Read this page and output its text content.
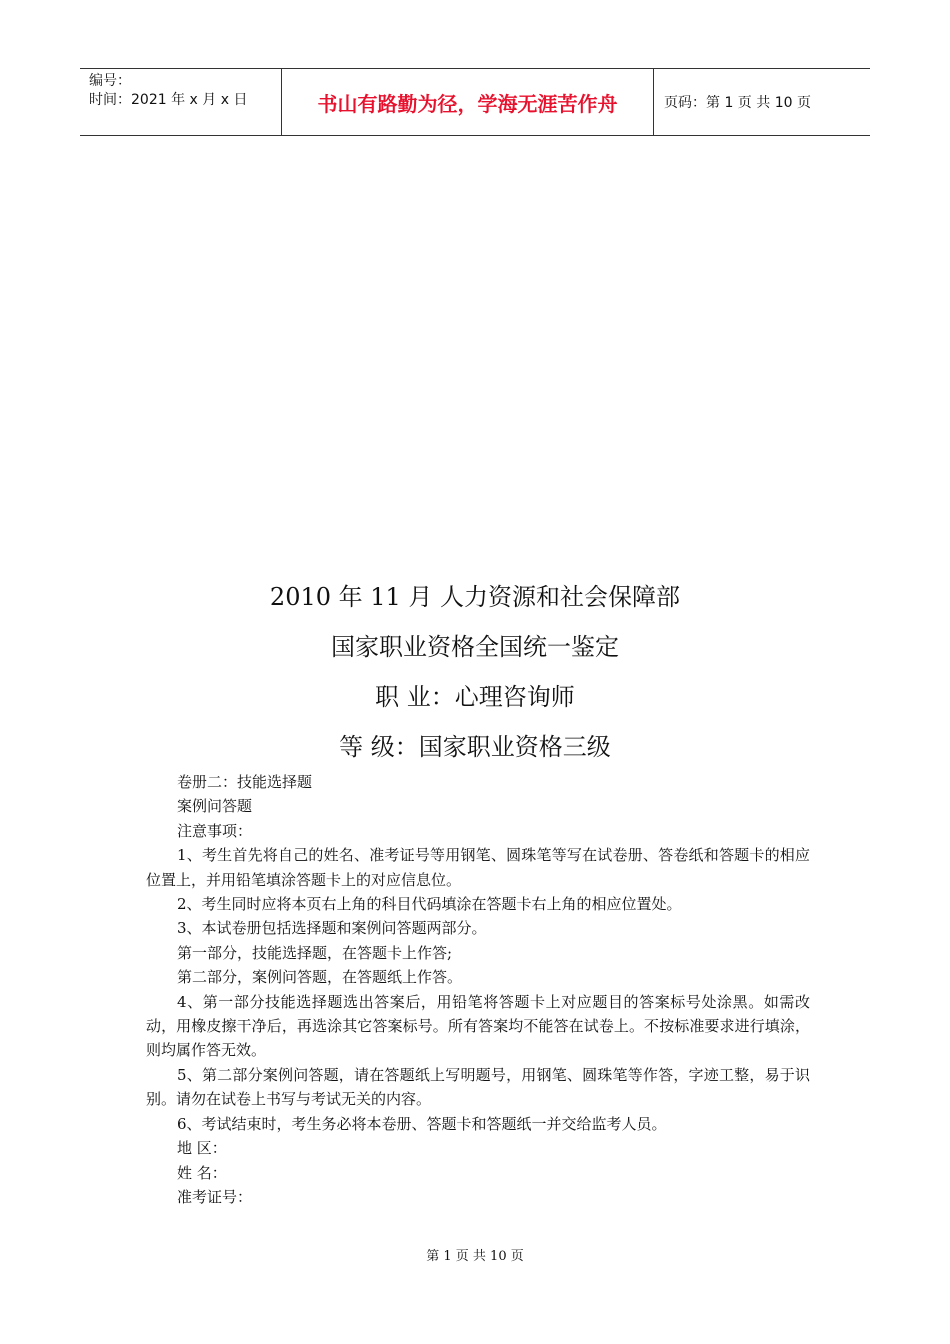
编号：
时间：2021 年 x 月 x 日	书山有路勤为径，学海无涯苦作舟	页码：第 1 页 共 10 页
2010 年 11 月 人力资源和社会保障部
国家职业资格全国统一鉴定
职 业：心理咨询师
等 级：国家职业资格三级

卷册二：技能选择题

案例问答题

注意事项：

1、考生首先将自己的姓名、准考证号等用钢笔、圆珠笔等写在试卷册、答卷纸和答题卡的相应位置上，并用铅笔填涂答题卡上的对应信息位。

2、考生同时应将本页右上角的科目代码填涂在答题卡右上角的相应位置处。

3、本试卷册包括选择题和案例问答题两部分。

第一部分，技能选择题，在答题卡上作答;

第二部分，案例问答题，在答题纸上作答。

4、第一部分技能选择题选出答案后，用铅笔将答题卡上对应题目的答案标号处涂黑。如需改动，用橡皮擦干净后，再选涂其它答案标号。所有答案均不能答在试卷上。不按标准要求进行填涂，则均属作答无效。

5、第二部分案例问答题，请在答题纸上写明题号，用钢笔、圆珠笔等作答，字迹工整，易于识别。请勿在试卷上书写与考试无关的内容。

6、考试结束时，考生务必将本卷册、答题卡和答题纸一并交给监考人员。

地 区：

姓 名：

准考证号：

第 1 页 共 10 页
